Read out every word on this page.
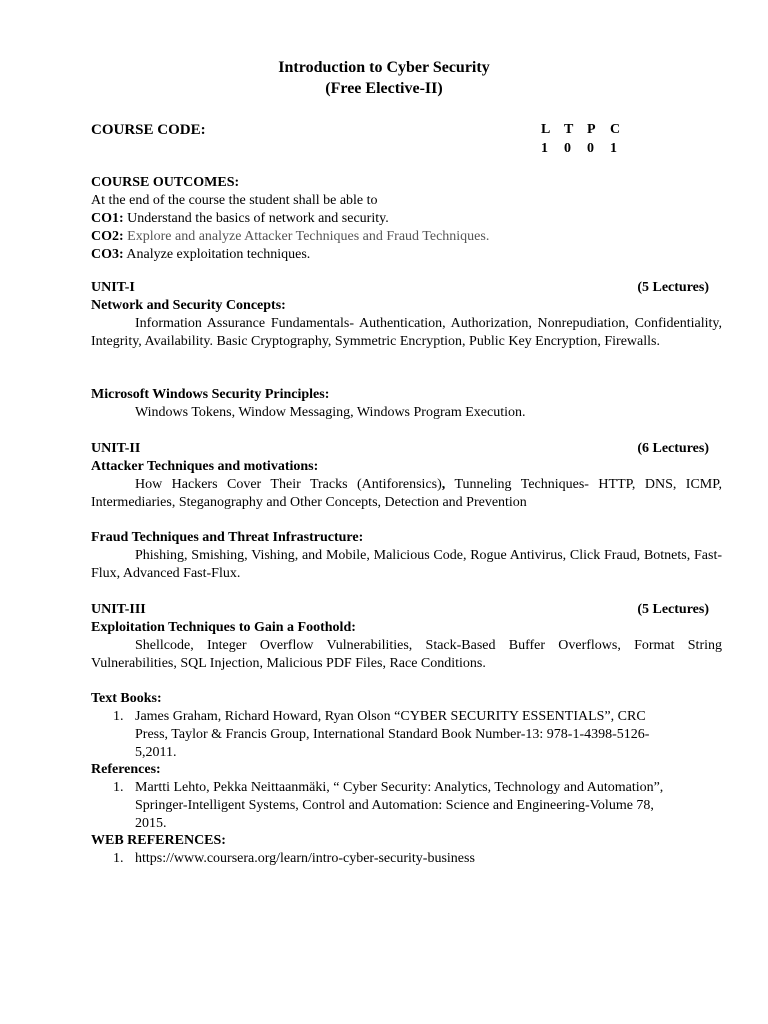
Introduction to Cyber Security
(Free Elective-II)
COURSE CODE:	L T P C
1 0 0 1
COURSE OUTCOMES:
At the end of the course the student shall be able to
CO1: Understand the basics of network and security.
CO2: Explore and analyze Attacker Techniques and Fraud Techniques.
CO3: Analyze exploitation techniques.
UNIT-I	(5 Lectures)
Network and Security Concepts:
Information Assurance Fundamentals- Authentication, Authorization, Nonrepudiation, Confidentiality, Integrity, Availability. Basic Cryptography, Symmetric Encryption, Public Key Encryption, Firewalls.
Microsoft Windows Security Principles:
Windows Tokens, Window Messaging, Windows Program Execution.
UNIT-II	(6 Lectures)
Attacker Techniques and motivations:
How Hackers Cover Their Tracks (Antiforensics), Tunneling Techniques- HTTP, DNS, ICMP, Intermediaries, Steganography and Other Concepts, Detection and Prevention
Fraud Techniques and Threat Infrastructure:
Phishing, Smishing, Vishing, and Mobile, Malicious Code, Rogue Antivirus, Click Fraud, Botnets, Fast-Flux, Advanced Fast-Flux.
UNIT-III	(5 Lectures)
Exploitation Techniques to Gain a Foothold:
Shellcode, Integer Overflow Vulnerabilities, Stack-Based Buffer Overflows, Format String Vulnerabilities, SQL Injection, Malicious PDF Files, Race Conditions.
Text Books:
1. James Graham, Richard Howard, Ryan Olson “CYBER SECURITY ESSENTIALS”, CRC
Press, Taylor & Francis Group, International Standard Book Number-13: 978-1-4398-5126-
5,2011.
References:
1. Martti Lehto, Pekka Neittaanmäki, “ Cyber Security: Analytics, Technology and Automation”,
Springer-Intelligent Systems, Control and Automation: Science and Engineering-Volume 78,
2015.
WEB REFERENCES:
1. https://www.coursera.org/learn/intro-cyber-security-business
